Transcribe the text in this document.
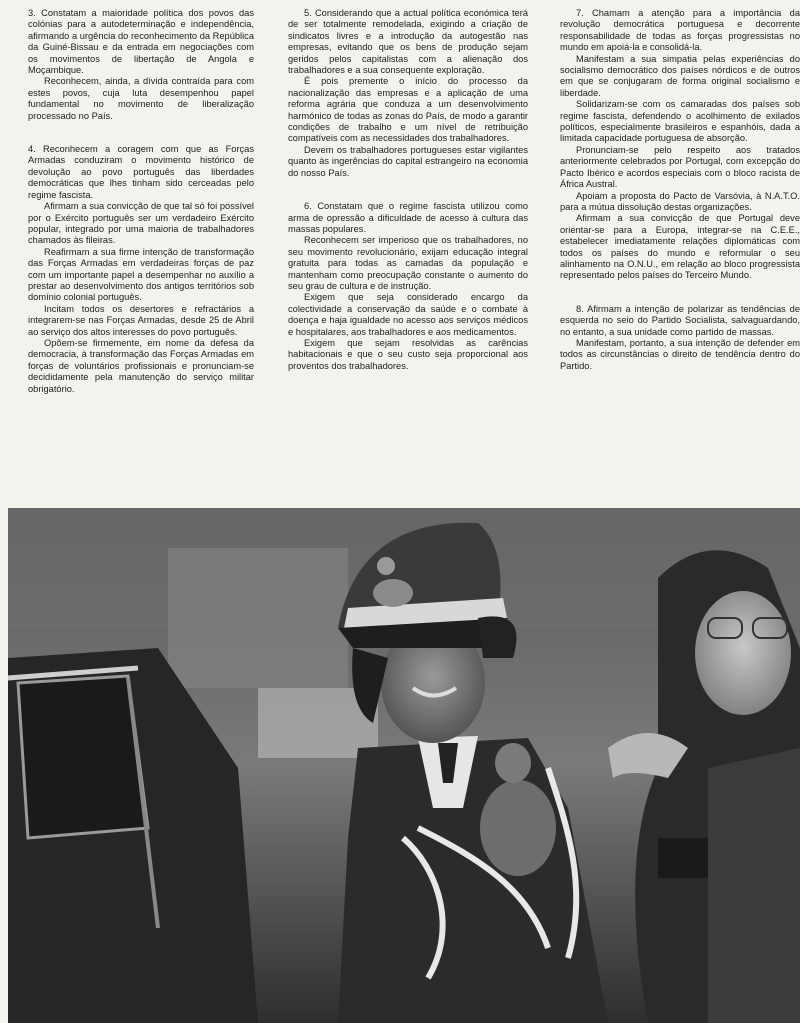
3. Constatam a maioridade política dos povos das colónias para a autodeterminação e independência, afirmando a urgência do reconhecimento da República da Guiné-Bissau e da entrada em negociações com os movimentos de libertação de Angola e Moçambique.

Reconhecem, ainda, a dívida contraída para com estes povos, cuja luta desempenhou papel fundamental no movimento de liberalização processado no País.

4. Reconhecem a coragem com que as Forças Armadas conduziram o movimento histórico de devolução ao povo português das liberdades democráticas que lhes tinham sido cerceadas pelo regime fascista.

Afirmam a sua convicção de que tal só foi possível por o Exército português ser um verdadeiro Exército popular, integrado por uma maioria de trabalhadores chamados às fileiras.

Reafirmam a sua firme intenção de transformação das Forças Armadas em verdadeiras forças de paz com um importante papel a desempenhar no auxílio a prestar ao desenvolvimento dos antigos territórios sob domínio colonial português.

Incitam todos os desertores e refractários a integrarem-se nas Forças Armadas, desde 25 de Abril ao serviço dos altos interesses do povo português.

Opõem-se firmemente, em nome da defesa da democracia, à transformação das Forças Armadas em forças de voluntários profissionais e pronunciam-se decididamente pela manutenção do serviço militar obrigatório.

5. Considerando que a actual política económica terá de ser totalmente remodelada, exigindo a criação de sindicatos livres e a introdução da autogestão nas empresas, evitando que os bens de produção sejam geridos pelos capitalistas com a alienação dos trabalhadores e a sua consequente exploração.

É pois premente o início do processo da nacionalização das empresas e a aplicação de uma reforma agrária que conduza a um desenvolvimento harmónico de todas as zonas do País, de modo a garantir condições de trabalho e um nível de retribuição compatíveis com as necessidades dos trabalhadores.

Devem os trabalhadores portugueses estar vigilantes quanto às ingerências do capital estrangeiro na economia do nosso País.

6. Constatam que o regime fascista utilizou como arma de opressão a dificuldade de acesso à cultura das massas populares.

Reconhecem ser imperioso que os trabalhadores, no seu movimento revolucionário, exijam educação integral gratuita para todas as camadas da população e mantenham como preocupação constante o aumento do seu grau de cultura e de instrução.

Exigem que seja considerado encargo da colectividade a conservação da saúde e o combate à doença e haja igualdade no acesso aos serviços médicos e hospitalares, aos trabalhadores e aos medicamentos.

Exigem que sejam resolvidas as carências habitacionais e que o seu custo seja proporcional aos proventos dos trabalhadores.

7. Chamam a atenção para a importância da revolução democrática portuguesa e decorrente responsabilidade de todas as forças progressistas no mundo em apoiá-la e consolidá-la.

Manifestam a sua simpatia pelas experiências do socialismo democrático dos países nórdicos e de outros em que se conjugaram de forma original socialismo e liberdade.

Solidarizam-se com os camaradas dos países sob regime fascista, defendendo o acolhimento de exilados políticos, especialmente brasileiros e espanhóis, dada a limitada capacidade portuguesa de absorção.

Pronunciam-se pelo respeito aos tratados anteriormente celebrados por Portugal, com excepção do Pacto Ibérico e acordos especiais com o bloco racista de África Austral.

Apoiam a proposta do Pacto de Varsóvia, à N.A.T.O. para a mútua dissolução destas organizações.

Afirmam a sua convicção de que Portugal deve orientar-se para a Europa, integrar-se na C.E.E., estabelecer imediatamente relações diplomáticas com todos os países do mundo e reformular o seu alinhamento na O.N.U., em relação ao bloco progressista representado pelos países do Terceiro Mundo.

8. Afirmam a intenção de polarizar as tendências de esquerda no seio do Partido Socialista, salvaguardando, no entanto, a sua unidade como partido de massas.

Manifestam, portanto, a sua intenção de defender em todos as circunstâncias o direito de tendência dentro do Partido.
